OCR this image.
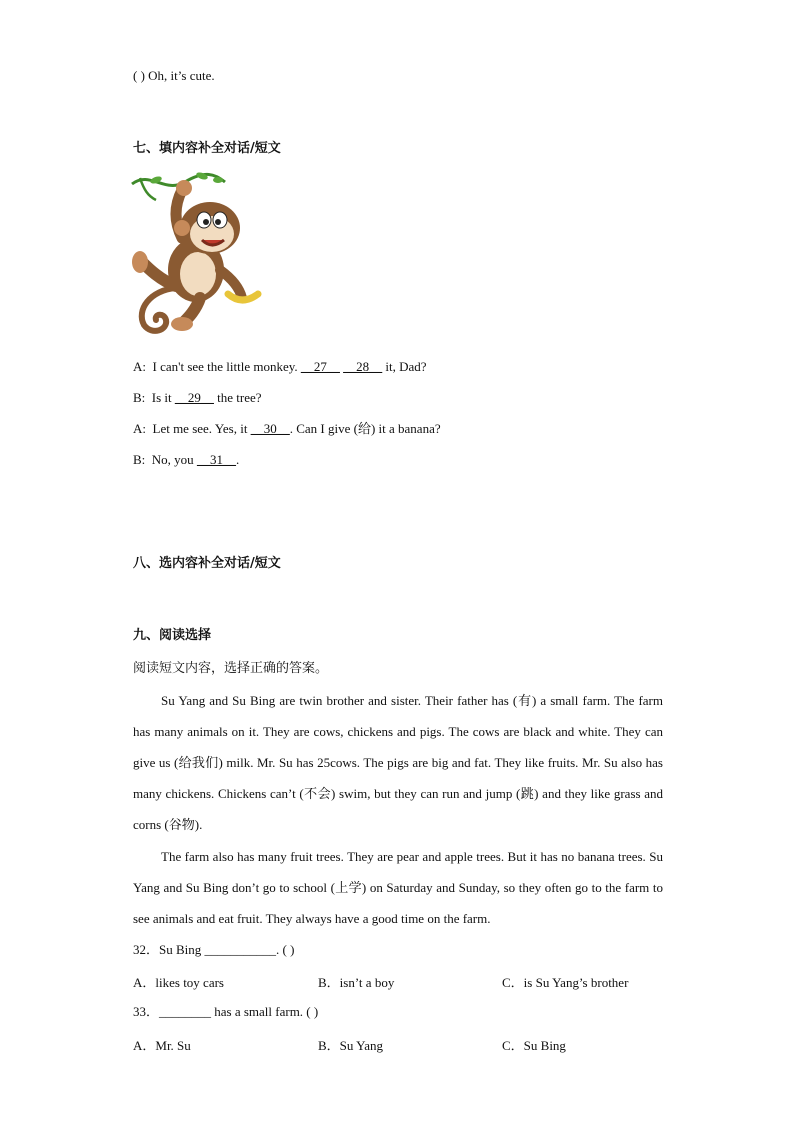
( ) Oh, it’s cute.
七、填内容补全对话/短文
A: I can't see the little monkey. __27__ __28__ it, Dad?
B: Is it __29__ the tree?
A: Let me see. Yes, it __30__. Can I give (给) it a banana?
B: No, you __31__.
八、选内容补全对话/短文
九、阅读选择
阅读短文内容，选择正确的答案。
Su Yang and Su Bing are twin brother and sister. Their father has (有) a small farm. The farm has many animals on it. They are cows, chickens and pigs. The cows are black and white. They can give us (给我们) milk. Mr. Su has 25cows. The pigs are big and fat. They like fruits. Mr. Su also has many chickens. Chickens can’t (不会) swim, but they can run and jump (跳) and they like grass and corns (谷物).
The farm also has many fruit trees. They are pear and apple trees. But it has no banana trees. Su Yang and Su Bing don’t go to school (上学) on Saturday and Sunday, so they often go to the farm to see animals and eat fruit. They always have a good time on the farm.
32．Su Bing ___________. ( )
A．likes toy cars	B．isn’t a boy	C．is Su Yang’s brother
33．________ has a small farm. ( )
A．Mr. Su	B．Su Yang	C．Su Bing
